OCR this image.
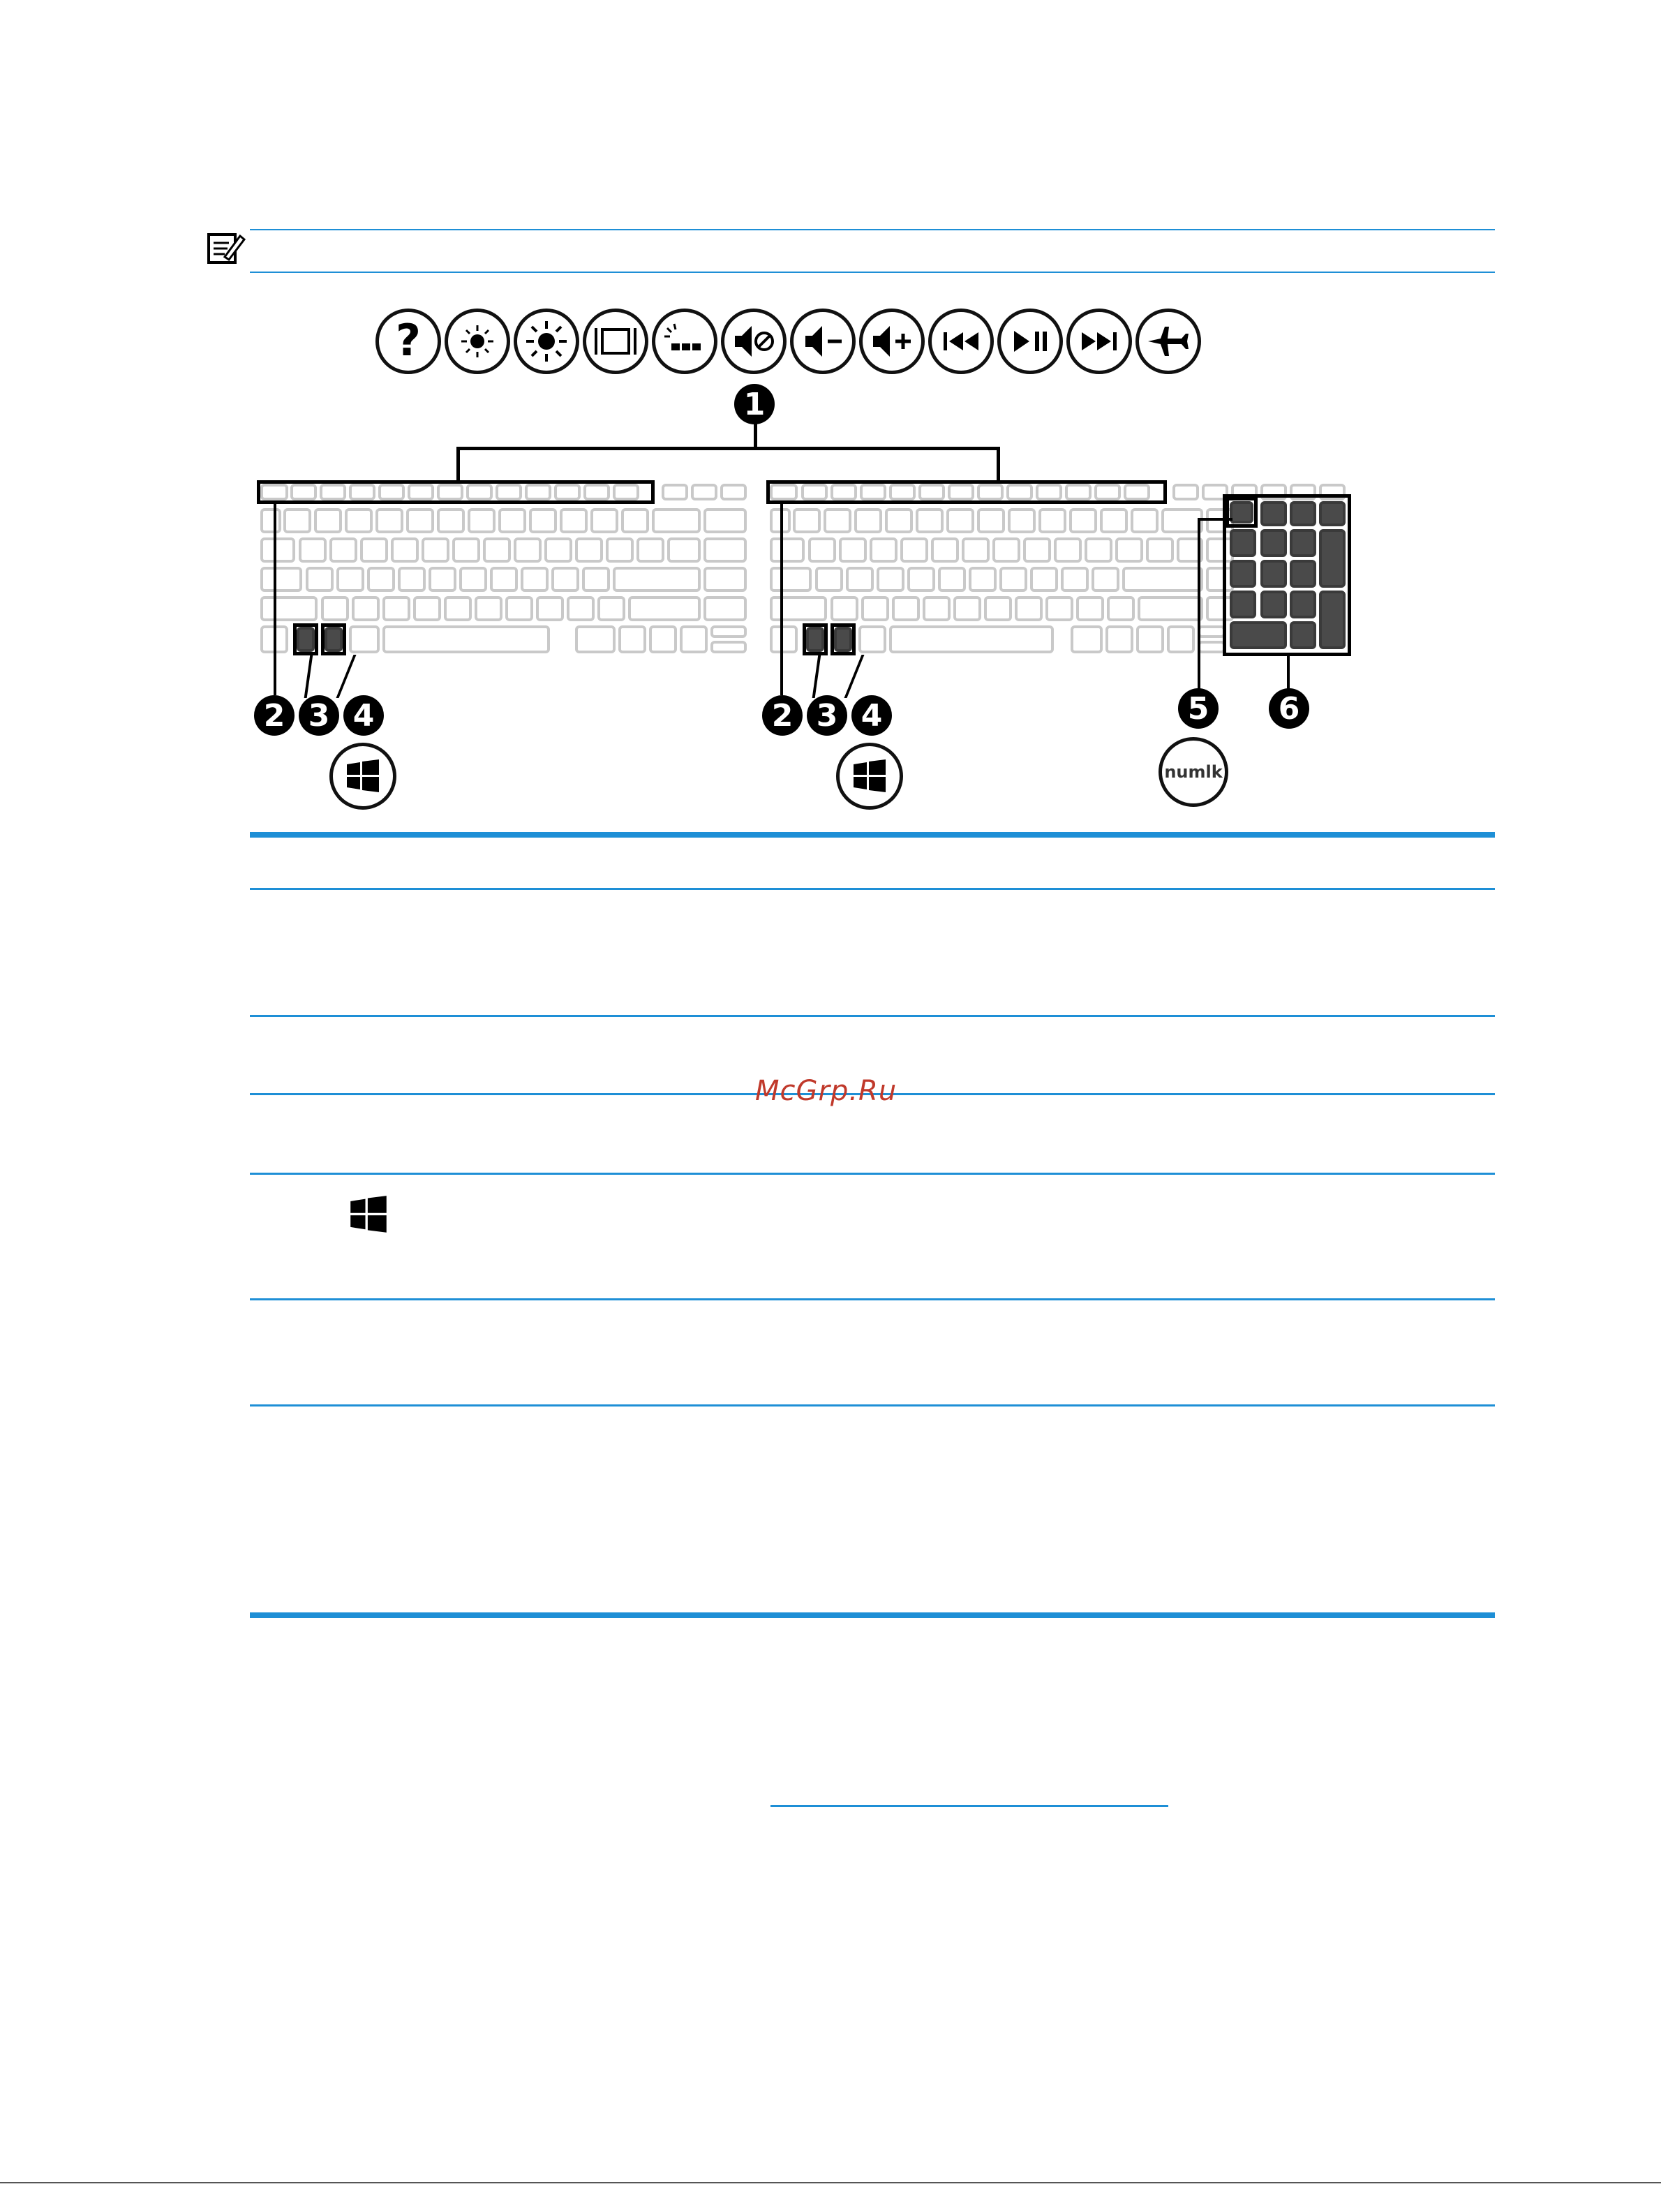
?
1
2 3 4	2 3 4	5	6
numlk
McGrp.Ru
